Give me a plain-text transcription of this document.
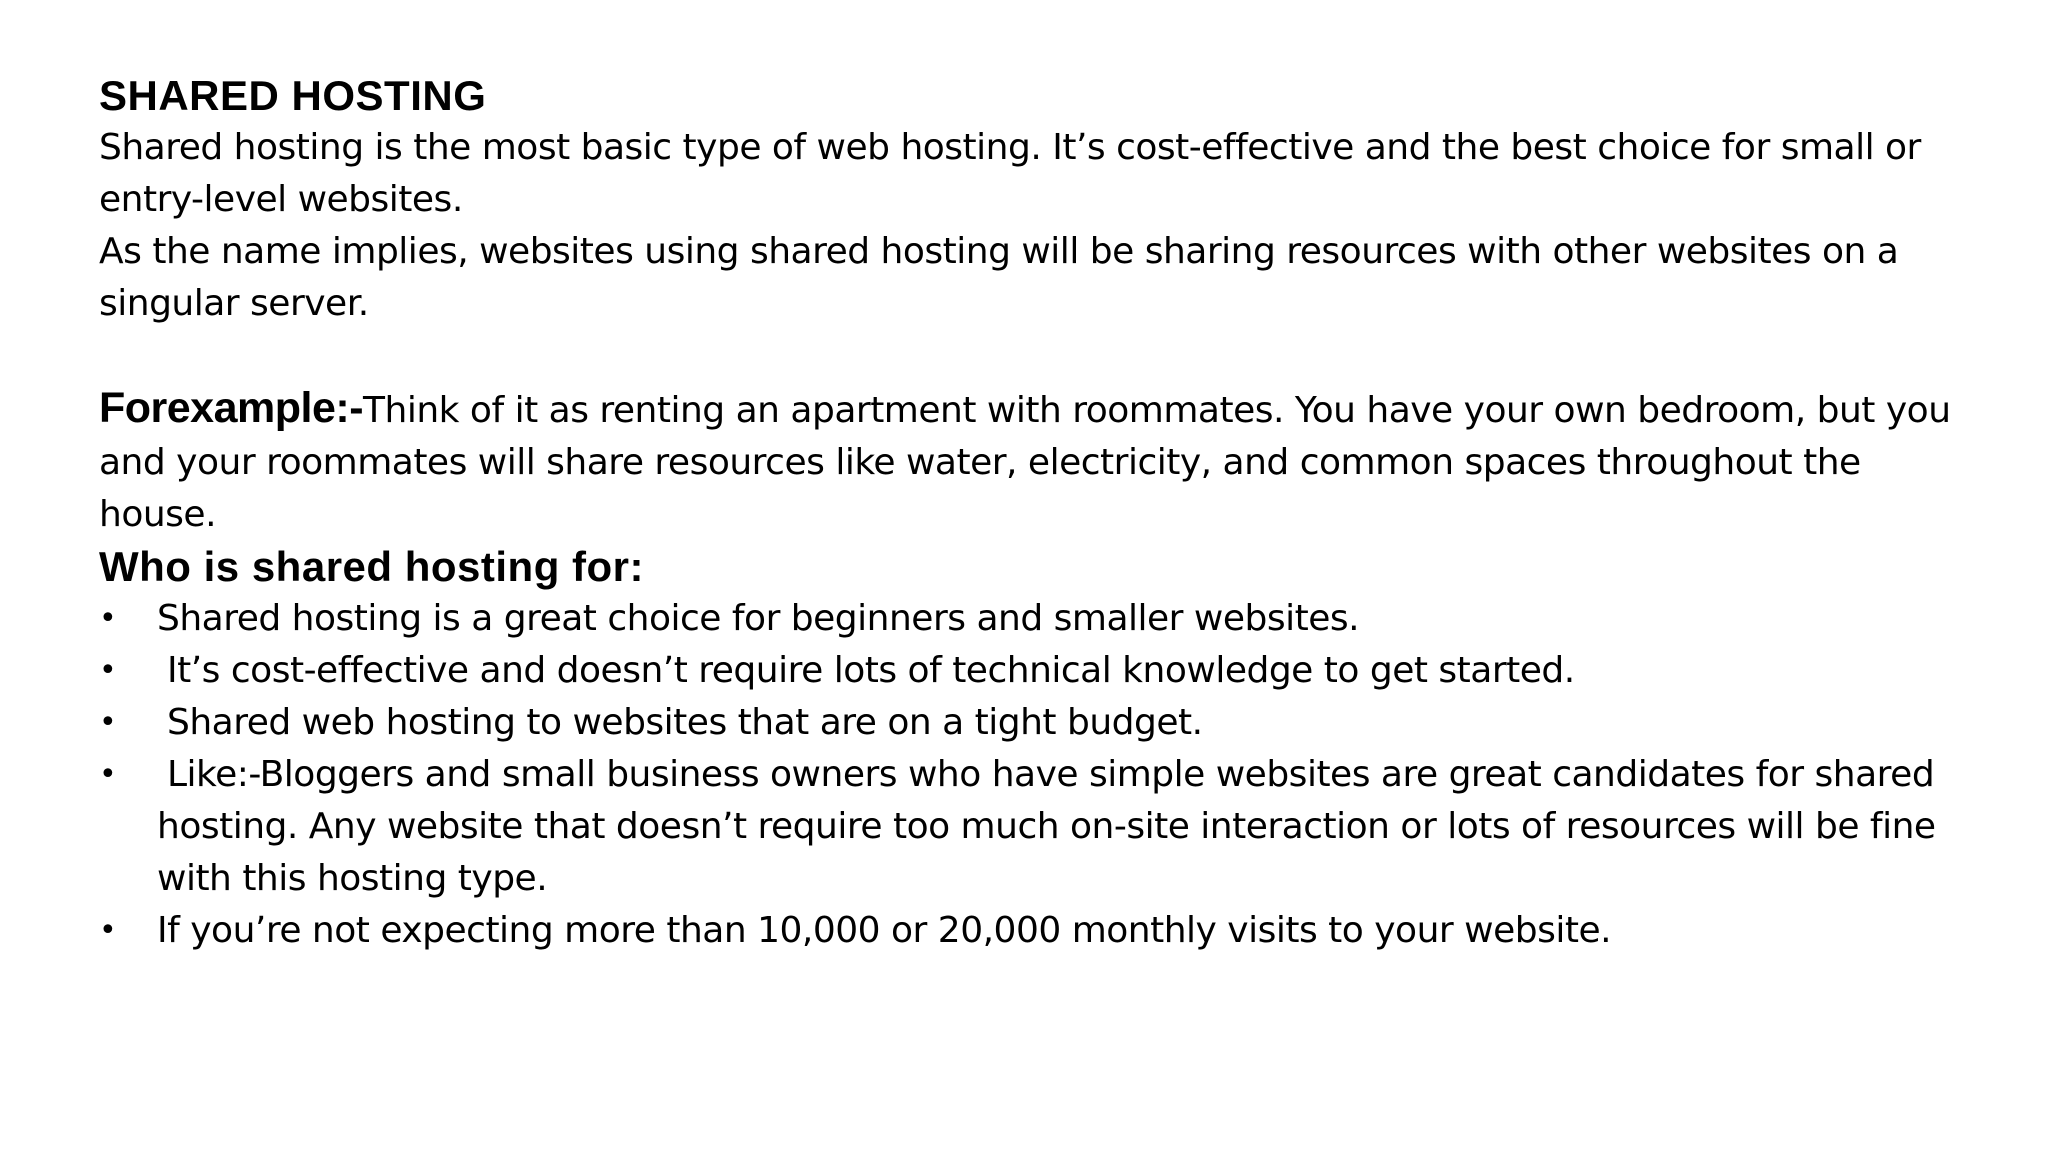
SHARED HOSTING

Shared hosting is the most basic type of web hosting. It’s cost-effective and the best choice for small or entry-level websites.

As the name implies, websites using shared hosting will be sharing resources with other websites on a singular server.

Forexample:-Think of it as renting an apartment with roommates. You have your own bedroom, but you and your roommates will share resources like water, electricity, and common spaces throughout the house.

Who is shared hosting for:
•	Shared hosting is a great choice for beginners and smaller websites.
•	It’s cost-effective and doesn’t require lots of technical knowledge to get started.
•	Shared web hosting to websites that are on a tight budget.
•	Like:-Bloggers and small business owners who have simple websites are great candidates for shared hosting. Any website that doesn’t require too much on-site interaction or lots of resources will be fine with this hosting type.
•	If you’re not expecting more than 10,000 or 20,000 monthly visits to your website.
